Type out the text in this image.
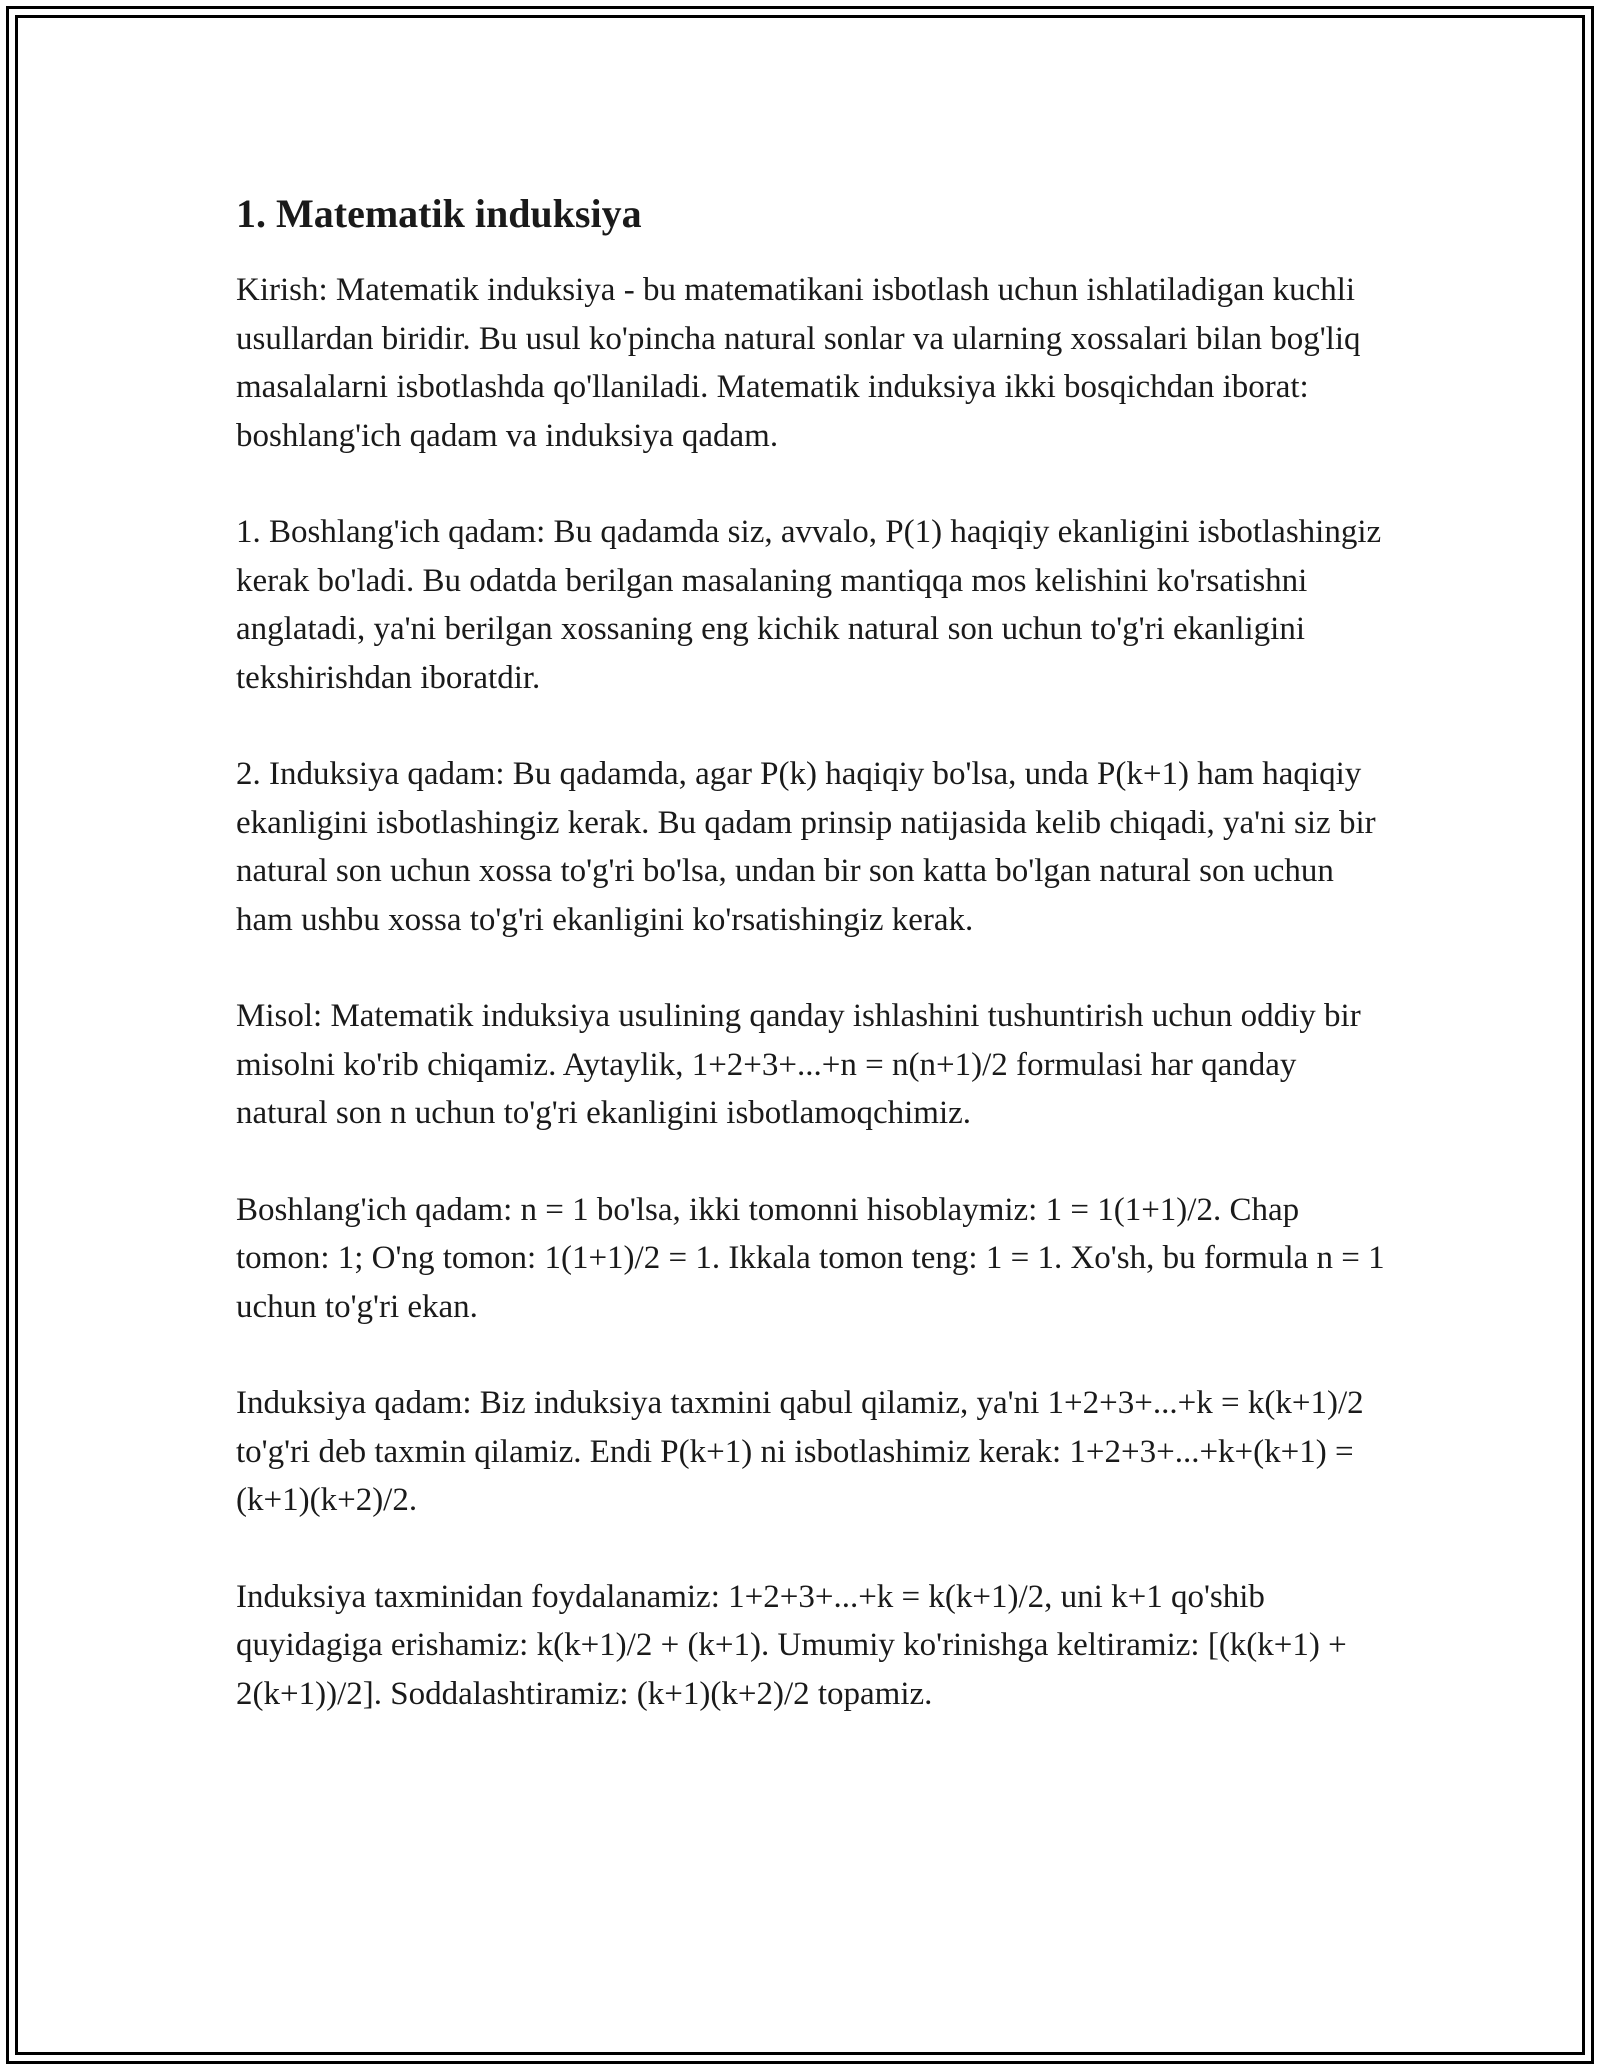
1. Matematik induksiya

Kirish: Matematik induksiya - bu matematikani isbotlash uchun ishlatiladigan kuchli usullardan biridir. Bu usul ko'pincha natural sonlar va ularning xossalari bilan bog'liq masalalarni isbotlashda qo'llaniladi. Matematik induksiya ikki bosqichdan iborat: boshlang'ich qadam va induksiya qadam.

1. Boshlang'ich qadam: Bu qadamda siz, avvalo, P(1) haqiqiy ekanligini isbotlashingiz kerak bo'ladi. Bu odatda berilgan masalaning mantiqqa mos kelishini ko'rsatishni anglatadi, ya'ni berilgan xossaning eng kichik natural son uchun to'g'ri ekanligini tekshirishdan iboratdir.

2. Induksiya qadam: Bu qadamda, agar P(k) haqiqiy bo'lsa, unda P(k+1) ham haqiqiy ekanligini isbotlashingiz kerak. Bu qadam prinsip natijasida kelib chiqadi, ya'ni siz bir natural son uchun xossa to'g'ri bo'lsa, undan bir son katta bo'lgan natural son uchun ham ushbu xossa to'g'ri ekanligini ko'rsatishingiz kerak.

Misol: Matematik induksiya usulining qanday ishlashini tushuntirish uchun oddiy bir misolni ko'rib chiqamiz. Aytaylik, 1+2+3+...+n = n(n+1)/2 formulasi har qanday natural son n uchun to'g'ri ekanligini isbotlamoqchimiz.

Boshlang'ich qadam: n = 1 bo'lsa, ikki tomonni hisoblaymiz: 1 = 1(1+1)/2. Chap tomon: 1; O'ng tomon: 1(1+1)/2 = 1. Ikkala tomon teng: 1 = 1. Xo'sh, bu formula n = 1 uchun to'g'ri ekan.

Induksiya qadam: Biz induksiya taxmini qabul qilamiz, ya'ni 1+2+3+...+k = k(k+1)/2 to'g'ri deb taxmin qilamiz. Endi P(k+1) ni isbotlashimiz kerak: 1+2+3+...+k+(k+1) = (k+1)(k+2)/2.

Induksiya taxminidan foydalanamiz: 1+2+3+...+k = k(k+1)/2, uni k+1 qo'shib quyidagiga erishamiz: k(k+1)/2 + (k+1). Umumiy ko'rinishga keltiramiz: [(k(k+1) + 2(k+1))/2]. Soddalashtiramiz: (k+1)(k+2)/2 topamiz.
